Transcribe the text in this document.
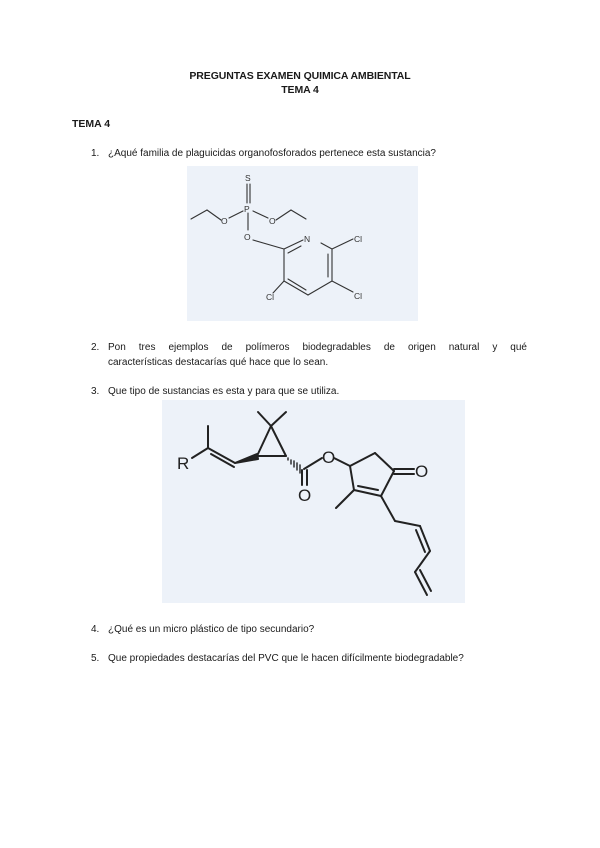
PREGUNTAS EXAMEN QUIMICA AMBIENTAL
TEMA 4
TEMA 4
1. ¿Aqué familia de plaguicidas organofosforados pertenece esta sustancia?
S
P
O	O
O	N	Cl
Cl
Cl
2. Pon tres ejemplos de polímeros biodegradables de origen natural y qué
características destacarías qué hace que lo sean.
3. Que tipo de sustancias es esta y para que se utiliza.
R	O
O
O
4. ¿Qué es un micro plástico de tipo secundario?
5. Que propiedades destacarías del PVC que le hacen difícilmente biodegradable?
